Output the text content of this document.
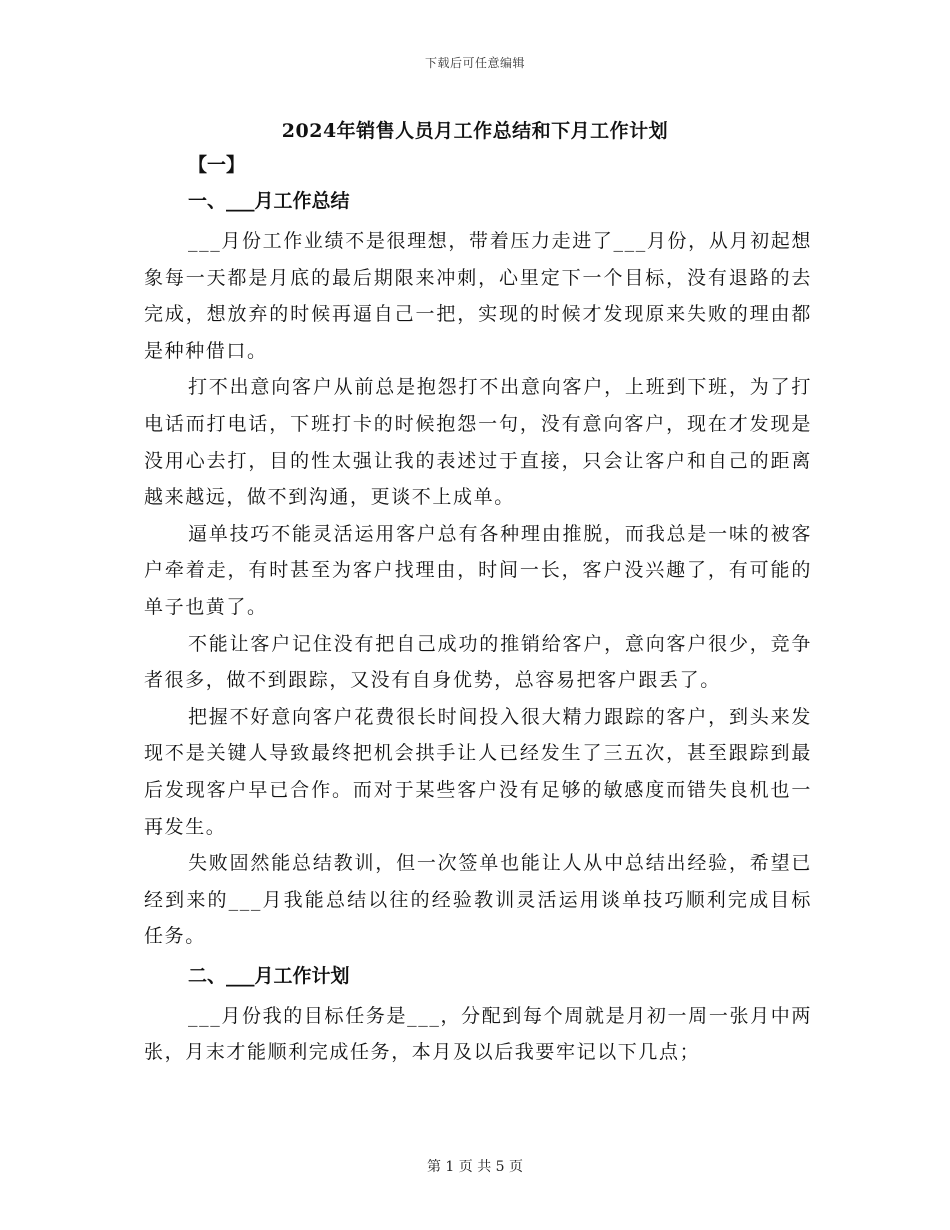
下载后可任意编辑
2024年销售人员月工作总结和下月工作计划
【一】
一、___月工作总结

___月份工作业绩不是很理想，带着压力走进了___月份，从月初起想象每一天都是月底的最后期限来冲刺，心里定下一个目标，没有退路的去完成，想放弃的时候再逼自己一把，实现的时候才发现原来失败的理由都是种种借口。

打不出意向客户从前总是抱怨打不出意向客户，上班到下班，为了打电话而打电话，下班打卡的时候抱怨一句，没有意向客户，现在才发现是没用心去打，目的性太强让我的表述过于直接，只会让客户和自己的距离越来越远，做不到沟通，更谈不上成单。

逼单技巧不能灵活运用客户总有各种理由推脱，而我总是一味的被客户牵着走，有时甚至为客户找理由，时间一长，客户没兴趣了，有可能的单子也黄了。

不能让客户记住没有把自己成功的推销给客户，意向客户很少，竞争者很多，做不到跟踪，又没有自身优势，总容易把客户跟丢了。

把握不好意向客户花费很长时间投入很大精力跟踪的客户，到头来发现不是关键人导致最终把机会拱手让人已经发生了三五次，甚至跟踪到最后发现客户早已合作。而对于某些客户没有足够的敏感度而错失良机也一再发生。

失败固然能总结教训，但一次签单也能让人从中总结出经验，希望已经到来的___月我能总结以往的经验教训灵活运用谈单技巧顺利完成目标任务。

二、___月工作计划

___月份我的目标任务是___，分配到每个周就是月初一周一张月中两张，月末才能顺利完成任务，本月及以后我要牢记以下几点；

第 1 页 共 5 页
